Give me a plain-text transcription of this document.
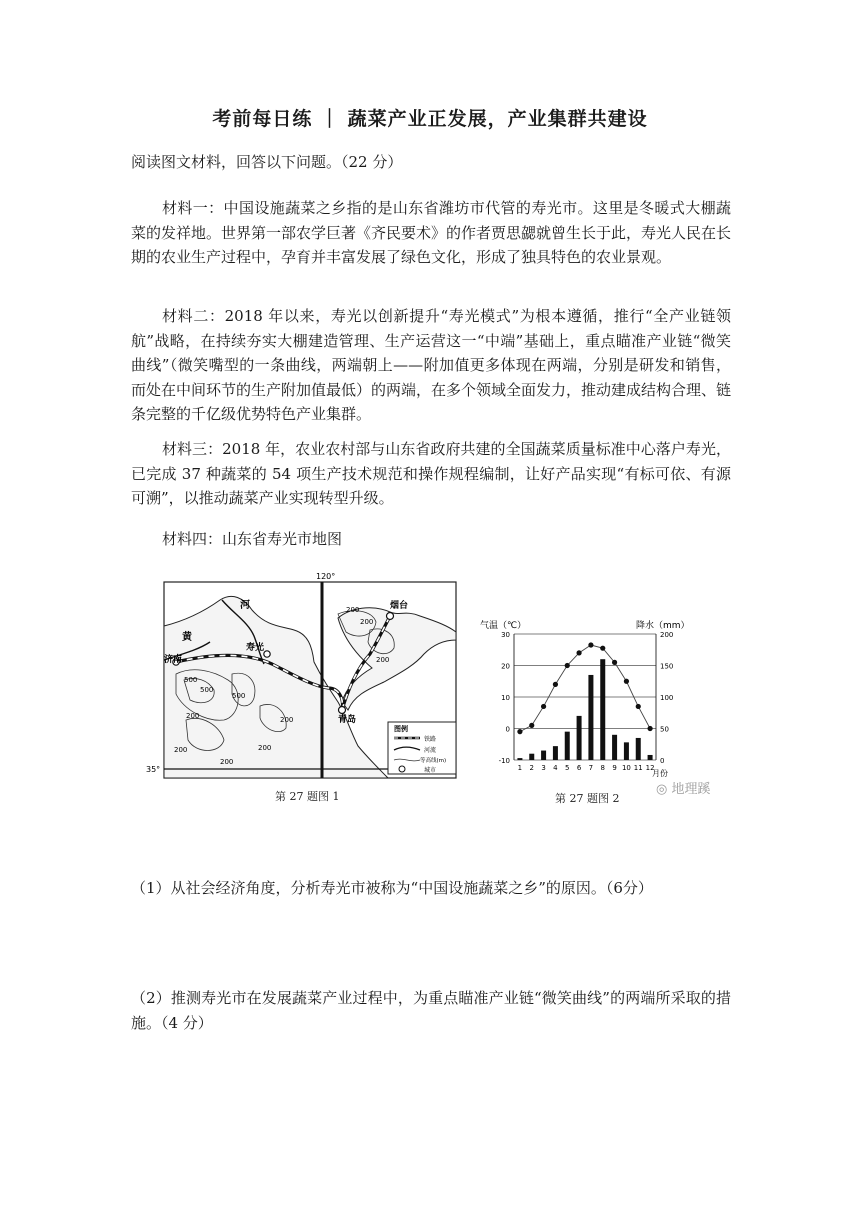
考前每日练 ｜ 蔬菜产业正发展，产业集群共建设
阅读图文材料，回答以下问题。（22 分）
材料一：中国设施蔬菜之乡指的是山东省潍坊市代管的寿光市。这里是冬暖式大棚蔬菜的发祥地。世界第一部农学巨著《齐民要术》的作者贾思勰就曾生长于此，寿光人民在长期的农业生产过程中，孕育并丰富发展了绿色文化，形成了独具特色的农业景观。
材料二：2018 年以来，寿光以创新提升“寿光模式”为根本遵循，推行“全产业链领航”战略，在持续夯实大棚建造管理、生产运营这一“中端”基础上，重点瞄准产业链“微笑曲线”（微笑嘴型的一条曲线，两端朝上——附加值更多体现在两端，分别是研发和销售，而处在中间环节的生产附加值最低）的两端，在多个领域全面发力，推动建成结构合理、链条完整的千亿级优势特色产业集群。
材料三：2018 年，农业农村部与山东省政府共建的全国蔬菜质量标准中心落户寿光，已完成 37 种蔬菜的 54 项生产技术规范和操作规程编制，让好产品实现“有标可依、有源可溯”，以推动蔬菜产业实现转型升级。
材料四：山东省寿光市地图
120°
35°
济南
寿光
青岛
烟台
河
黄
200
200
200
500
500
500
200	200
200
200
200
图例
铁路
河流
等高线(m)
城市
第 27 题图 1
气温（℃）	降水（mm）
-10
0
10
20
30
0
50
100
150
200
1 2 3 4 5 6 7 8 9 10 11 12
月份
第 27 题图 2
◎ 地理蹊
（1）从社会经济角度，分析寿光市被称为“中国设施蔬菜之乡”的原因。（6分）
（2）推测寿光市在发展蔬菜产业过程中，为重点瞄准产业链“微笑曲线”的两端所采取的措施。（4 分）
